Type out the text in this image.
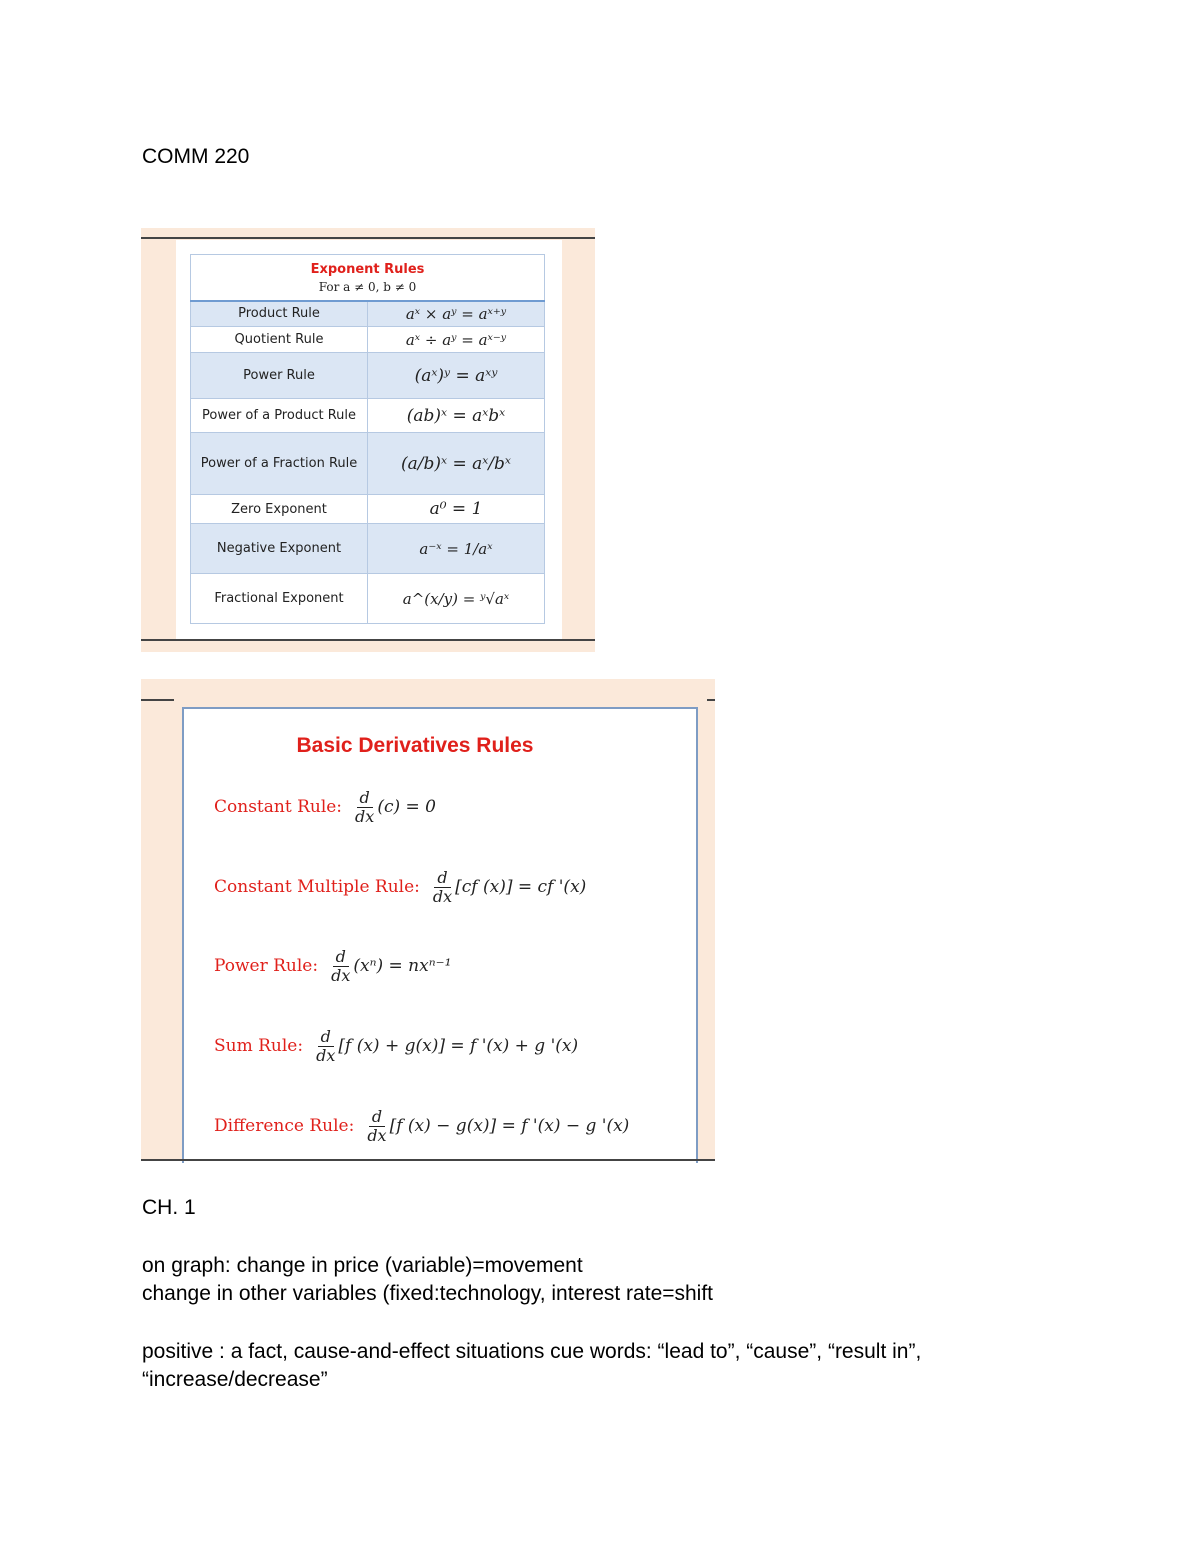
COMM 220
Exponent Rules
For a ≠ 0, b ≠ 0	

Product Rule	aˣ × aʸ = aˣ⁺ʸ
Quotient Rule	aˣ ÷ aʸ = aˣ⁻ʸ
Power Rule	(aˣ)ʸ = aˣʸ
Power of a Product Rule	(ab)ˣ = aˣbˣ
Power of a Fraction Rule	(a/b)ˣ = aˣ/bˣ
Zero Exponent	a⁰ = 1
Negative Exponent	a⁻ˣ = 1/aˣ
Fractional Exponent	a^(x/y) = ʸ√aˣ
Basic Derivatives Rules
Constant Rule: $\frac{d}{dx} (c) = 0$
Constant Multiple Rule: $\frac{d}{dx} [cf$ (x)] = cf '(x)
Power Rule: $\frac{d}{dx} (x^n) = nx^{n-1}$
Sum Rule: $\frac{d}{dx} [f$ (x) + g(x)] = f '(x) + g '(x)
Difference Rule: $\frac{d}{dx} [f$ (x) − g(x)] = f '(x) − g '(x)
CH. 1
on graph: change in price (variable)=movement
change in other variables (fixed:technology, interest rate=shift
positive : a fact, cause-and-effect situations cue words: “lead to”, “cause”, “result in”,
“increase/decrease”
